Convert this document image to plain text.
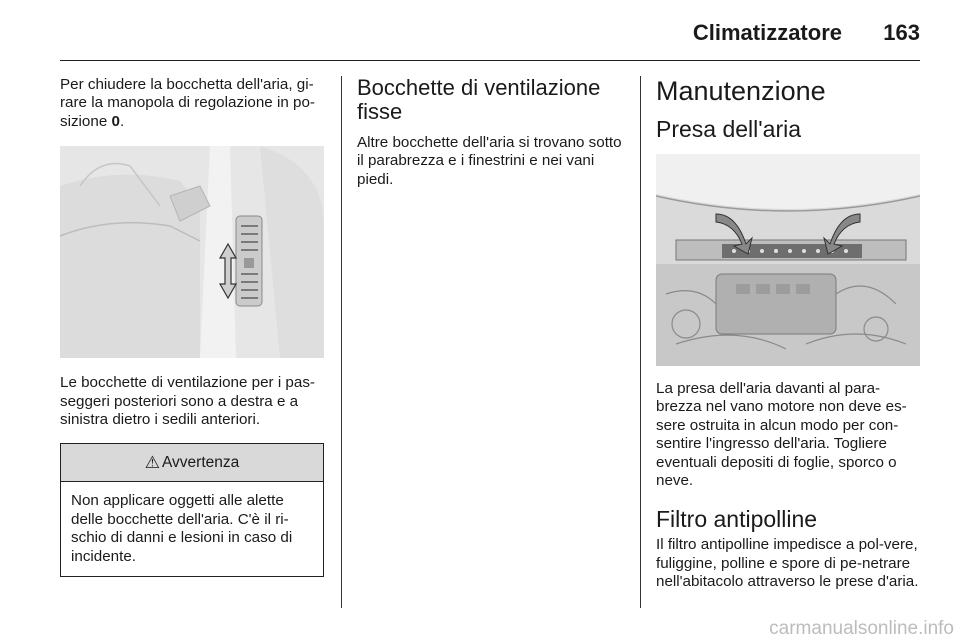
Climatizzatore 163

Per chiudere la bocchetta dell'aria, gi-rare la manopola di regolazione in po-sizione 0.

Le bocchette di ventilazione per i pas-seggeri posteriori sono a destra e a sinistra dietro i sedili anteriori.

⚠ Avvertenza

Non applicare oggetti alle alette delle bocchette dell'aria. C'è il ri-schio di danni e lesioni in caso di incidente.

Bocchette di ventilazione fisse

Altre bocchette dell'aria si trovano sotto il parabrezza e i finestrini e nei vani piedi.

Manutenzione
Presa dell'aria

La presa dell'aria davanti al para-brezza nel vano motore non deve es-sere ostruita in alcun modo per con-sentire l'ingresso dell'aria. Togliere eventuali depositi di foglie, sporco o neve.

Filtro antipolline

Il filtro antipolline impedisce a pol-vere, fuliggine, polline e spore di pe-netrare nell'abitacolo attraverso le prese d'aria.

carmanualsonline.info
